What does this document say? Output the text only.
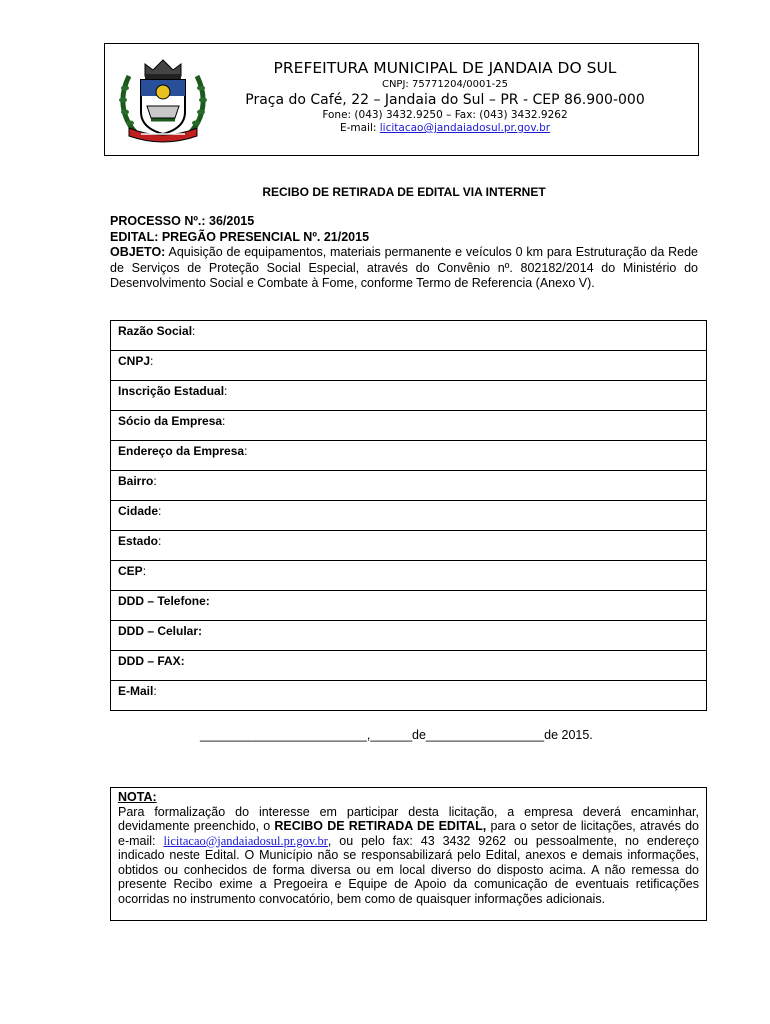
PREFEITURA MUNICIPAL DE JANDAIA DO SUL
CNPJ: 75771204/0001-25
Praça do Café, 22 – Jandaia do Sul – PR - CEP 86.900-000
Fone: (043) 3432.9250 – Fax: (043) 3432.9262
E-mail: licitacao@jandaiadosul.pr.gov.br
RECIBO DE RETIRADA DE EDITAL VIA INTERNET
PROCESSO Nº.: 36/2015
EDITAL: PREGÃO PRESENCIAL Nº. 21/2015
OBJETO: Aquisição de equipamentos, materiais permanente e veículos 0 km para Estruturação da Rede de Serviços de Proteção Social Especial, através do Convênio nº. 802182/2014 do Ministério do Desenvolvimento Social e Combate à Fome, conforme Termo de Referencia (Anexo V).
Razão Social:
CNPJ:
Inscrição Estadual:
Sócio da Empresa:
Endereço da Empresa:
Bairro:
Cidade:
Estado:
CEP:
DDD – Telefone:
DDD – Celular:
DDD – FAX:
E-Mail:
________________________,______de_________________de 2015.
NOTA:
Para formalização do interesse em participar desta licitação, a empresa deverá encaminhar, devidamente preenchido, o RECIBO DE RETIRADA DE EDITAL, para o setor de licitações, através do e-mail: licitacao@jandaiadosul.pr.gov.br, ou pelo fax: 43 3432 9262 ou pessoalmente, no endereço indicado neste Edital. O Município não se responsabilizará pelo Edital, anexos e demais informações, obtidos ou conhecidos de forma diversa ou em local diverso do disposto acima. A não remessa do presente Recibo exime a Pregoeira e Equipe de Apoio da comunicação de eventuais retificações ocorridas no instrumento convocatório, bem como de quaisquer informações adicionais.
